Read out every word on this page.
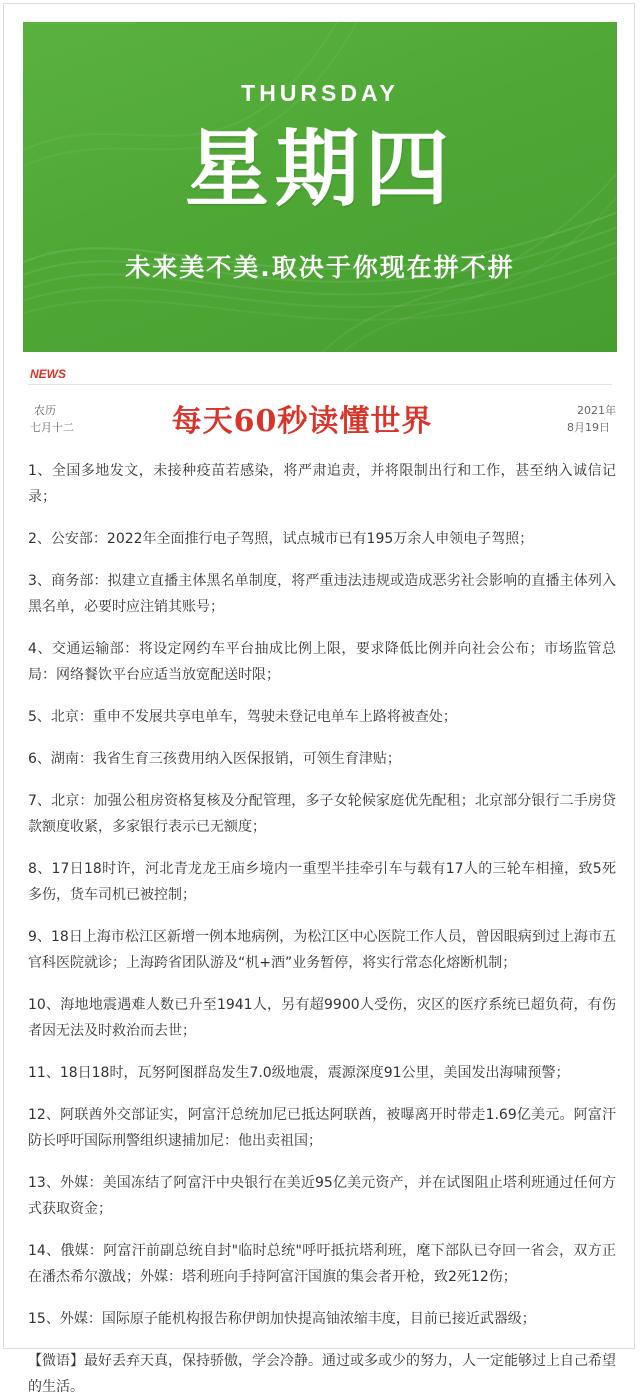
THURSDAY
星期四
未来美不美.取决于你现在拼不拼
NEWS
农历
七月十二	每天60秒读懂世界	2021年
8月19日
1、全国多地发文，未接种疫苗若感染，将严肃追责，并将限制出行和工作，甚至纳入诚信记录；
2、公安部：2022年全面推行电子驾照，试点城市已有195万余人申领电子驾照；
3、商务部：拟建立直播主体黑名单制度，将严重违法违规或造成恶劣社会影响的直播主体列入黑名单，必要时应注销其账号；
4、交通运输部：将设定网约车平台抽成比例上限，要求降低比例并向社会公布；市场监管总局：网络餐饮平台应适当放宽配送时限；
5、北京：重申不发展共享电单车，驾驶未登记电单车上路将被查处；
6、湖南：我省生育三孩费用纳入医保报销，可领生育津贴；
7、北京：加强公租房资格复核及分配管理，多子女轮候家庭优先配租；北京部分银行二手房贷款额度收紧，多家银行表示已无额度；
8、17日18时许，河北青龙龙王庙乡境内一重型半挂牵引车与载有17人的三轮车相撞，致5死多伤，货车司机已被控制；
9、18日上海市松江区新增一例本地病例，为松江区中心医院工作人员，曾因眼病到过上海市五官科医院就诊；上海跨省团队游及“机+酒”业务暂停，将实行常态化熔断机制；
10、海地地震遇难人数已升至1941人，另有超9900人受伤，灾区的医疗系统已超负荷，有伤者因无法及时救治而去世；
11、18日18时，瓦努阿图群岛发生7.0级地震，震源深度91公里，美国发出海啸预警；
12、阿联酋外交部证实，阿富汗总统加尼已抵达阿联酋，被曝离开时带走1.69亿美元。阿富汗防长呼吁国际刑警组织逮捕加尼：他出卖祖国；
13、外媒：美国冻结了阿富汗中央银行在美近95亿美元资产，并在试图阻止塔利班通过任何方式获取资金；
14、俄媒：阿富汗前副总统自封"临时总统"呼吁抵抗塔利班，麾下部队已夺回一省会，双方正在潘杰希尔激战；外媒：塔利班向手持阿富汗国旗的集会者开枪，致2死12伤；
15、外媒：国际原子能机构报告称伊朗加快提高铀浓缩丰度，目前已接近武器级；
【微语】最好丢弃天真，保持骄傲，学会冷静。通过或多或少的努力，人一定能够过上自己希望的生活。
